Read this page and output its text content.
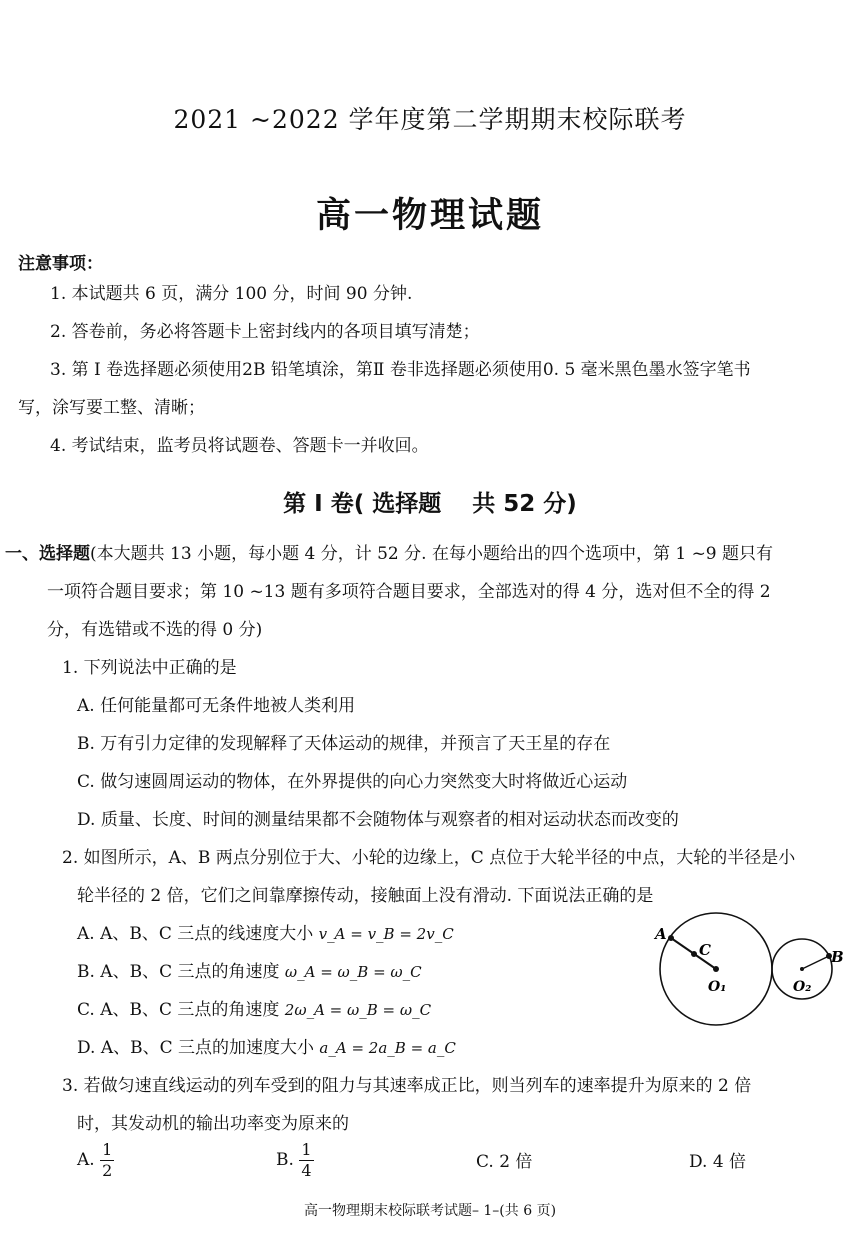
2021 ~2022 学年度第二学期期末校际联考
高一物理试题
注意事项：
1. 本试题共 6 页，满分 100 分，时间 90 分钟.
2. 答卷前，务必将答题卡上密封线内的各项目填写清楚；
3. 第 Ⅰ 卷选择题必须使用2B 铅笔填涂，第Ⅱ 卷非选择题必须使用0. 5 毫米黑色墨水签字笔书
写，涂写要工整、清晰；
4. 考试结束，监考员将试题卷、答题卡一并收回。
第 Ⅰ 卷( 选择题　 共 52 分)
一、选择题(本大题共 13 小题，每小题 4 分，计 52 分. 在每小题给出的四个选项中，第 1 ~9 题只有
一项符合题目要求；第 10 ~13 题有多项符合题目要求，全部选对的得 4 分，选对但不全的得 2
分，有选错或不选的得 0 分)
1. 下列说法中正确的是
A. 任何能量都可无条件地被人类利用
B. 万有引力定律的发现解释了天体运动的规律，并预言了天王星的存在
C. 做匀速圆周运动的物体，在外界提供的向心力突然变大时将做近心运动
D. 质量、长度、时间的测量结果都不会随物体与观察者的相对运动状态而改变的
2. 如图所示，A、B 两点分别位于大、小轮的边缘上，C 点位于大轮半径的中点，大轮的半径是小
轮半径的 2 倍，它们之间靠摩擦传动，接触面上没有滑动. 下面说法正确的是
A. A、B、C 三点的线速度大小 v_A = v_B = 2v_C
B. A、B、C 三点的角速度 ω_A = ω_B = ω_C
C. A、B、C 三点的角速度 2ω_A = ω_B = ω_C
D. A、B、C 三点的加速度大小 a_A = 2a_B = a_C
A
C
O₁
B
O₂
3. 若做匀速直线运动的列车受到的阻力与其速率成正比，则当列车的速率提升为原来的 2 倍
时，其发动机的输出功率变为原来的
A. $\frac{1}{2}$	B. $\frac{1}{4}$	C. 2 倍	D. 4 倍
高一物理期末校际联考试题– 1–(共 6 页)
